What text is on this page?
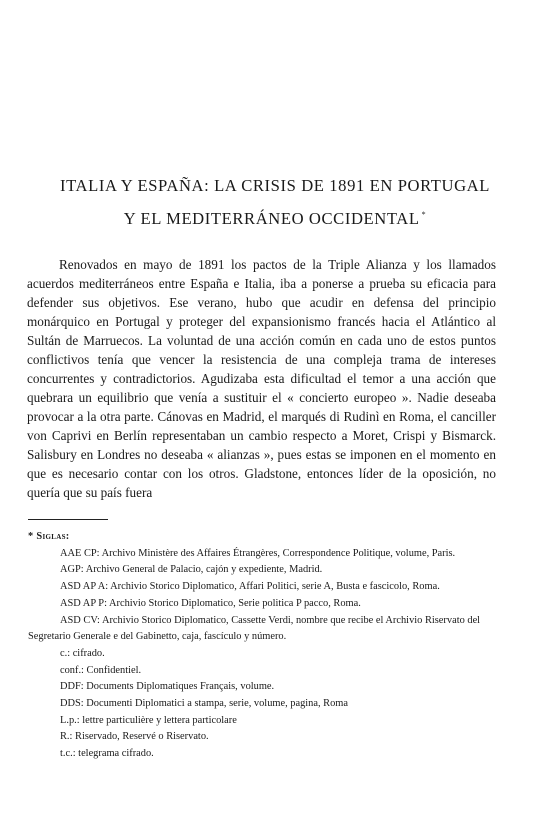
ITALIA Y ESPAÑA: LA CRISIS DE 1891 EN PORTUGAL
Y EL MEDITERRÁNEO OCCIDENTAL *

Renovados en mayo de 1891 los pactos de la Triple Alianza y los llamados acuerdos mediterráneos entre España e Italia, iba a ponerse a prueba su eficacia para defender sus objetivos. Ese verano, hubo que acudir en defensa del principio monárquico en Portugal y proteger del expansionismo francés hacia el Atlántico al Sultán de Marruecos. La voluntad de una acción común en cada uno de estos puntos conflictivos tenía que vencer la resistencia de una compleja trama de intereses concurrentes y contradictorios. Agudizaba esta dificultad el temor a una acción que quebrara un equilibrio que venía a sustituir el « concierto europeo ». Nadie deseaba provocar a la otra parte. Cánovas en Madrid, el marqués di Rudinì en Roma, el canciller von Caprivi en Berlín representaban un cambio respecto a Moret, Crispi y Bismarck. Salisbury en Londres no deseaba « alianzas », pues estas se imponen en el momento en que es necesario contar con los otros. Gladstone, entonces líder de la oposición, no quería que su país fuera

* Siglas:
AAE CP: Archivo Ministère des Affaires Étrangères, Correspondence Politique, volume, Paris.
AGP: Archivo General de Palacio, cajón y expediente, Madrid.
ASD AP A: Archivio Storico Diplomatico, Affari Politici, serie A, Busta e fascicolo, Roma.
ASD AP P: Archivio Storico Diplomatico, Serie politica P pacco, Roma.
ASD CV: Archivio Storico Diplomatico, Cassette Verdi, nombre que recibe el Archivio Riservato del Segretario Generale e del Gabinetto, caja, fascículo y número.
c.: cifrado.
conf.: Confidentiel.
DDF: Documents Diplomatiques Français, volume.
DDS: Documenti Diplomatici a stampa, serie, volume, pagina, Roma
L.p.: lettre particulière y lettera particolare
R.: Riservado, Reservé o Riservato.
t.c.: telegrama cifrado.
